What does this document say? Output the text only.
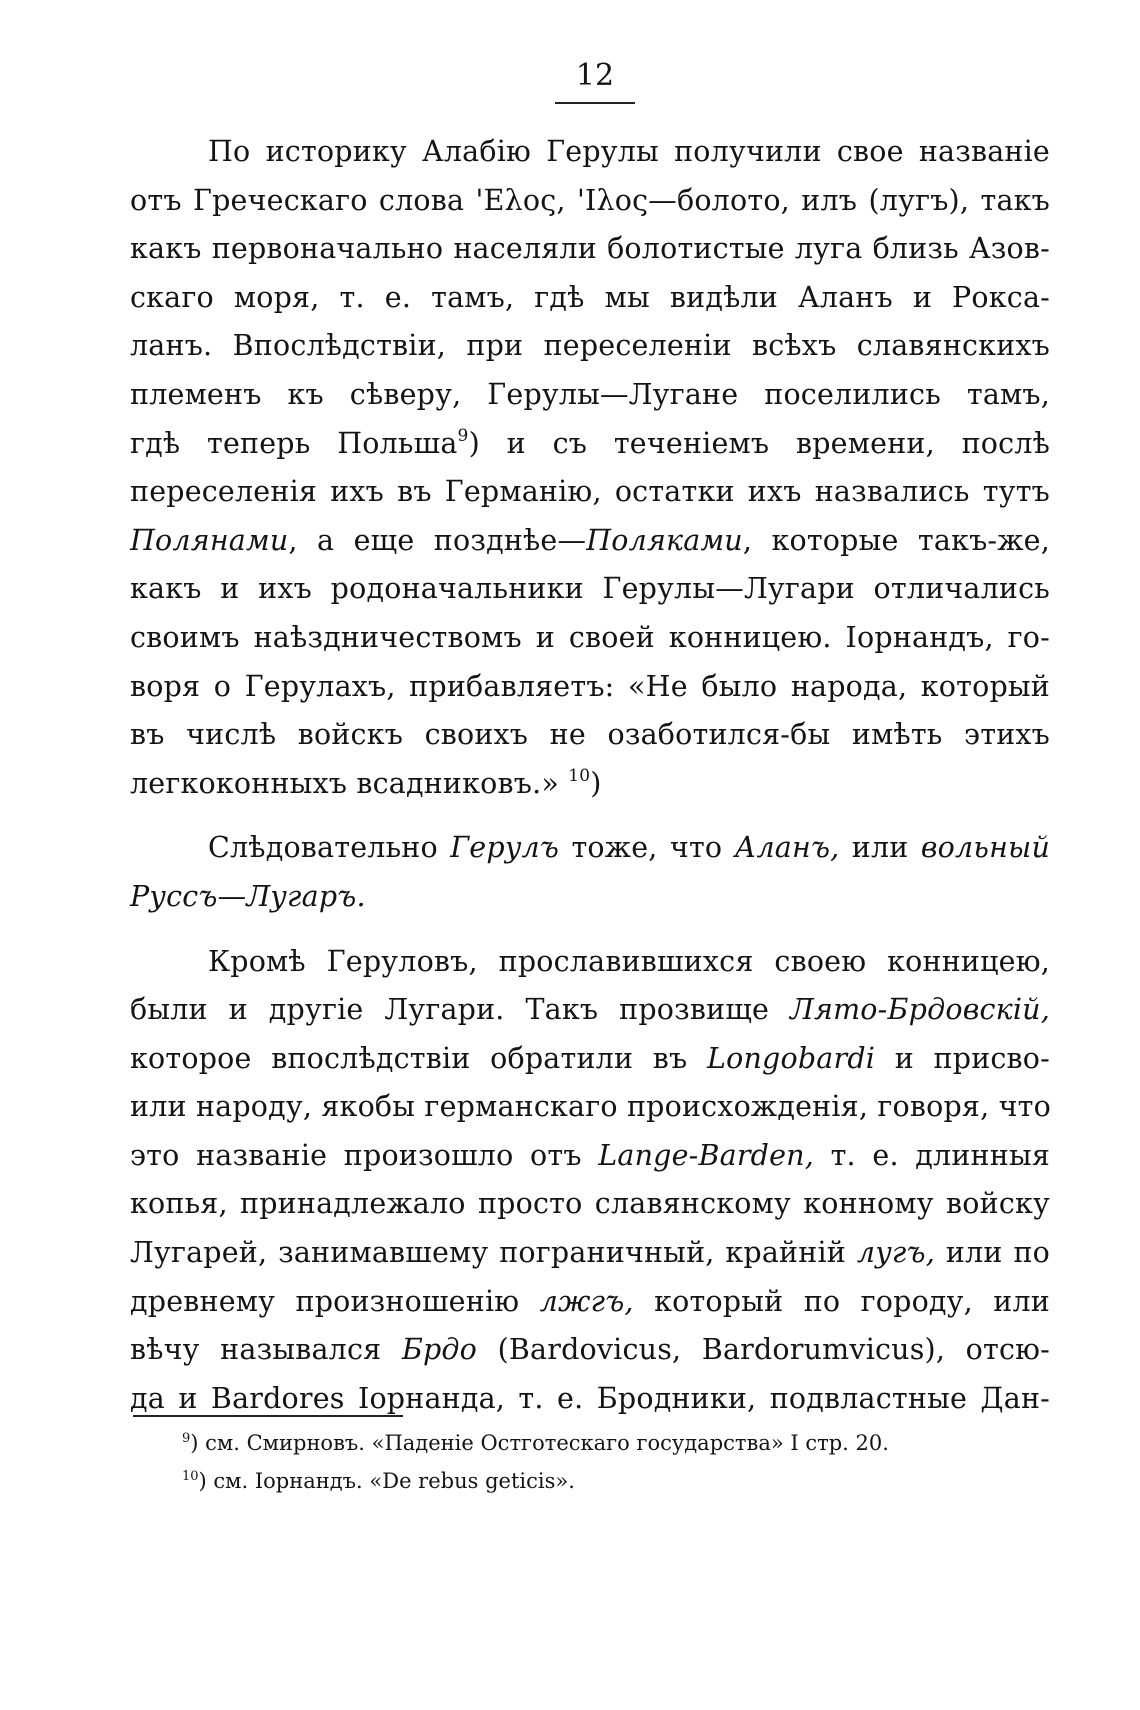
12
По историку Алабію Герулы получили свое названіе
отъ Греческаго слова 'Ελος, 'Ιλος—болото, илъ (лугъ), такъ
какъ первоначально населяли болотистые луга близь Азов-
скаго моря, т. е. тамъ, гдѣ мы видѣли Аланъ и Роксa-
ланъ. Впослѣдствіи, при переселеніи всѣхъ славянскихъ
племенъ къ сѣверу, Герулы—Лугане поселились тамъ,
гдѣ теперь Польша$^9$) и съ теченіемъ времени, послѣ
переселенія ихъ въ Германію, остатки ихъ назвались тутъ
Полянами, а еще позднѣе—Поляками, которые такъ-же,
какъ и ихъ родоначальники Герулы—Лугари отличались
своимъ наѣздничествомъ и своей конницею. Іорнандъ, го-
воря о Герулахъ, прибавляетъ: «Не было народа, который
въ числѣ войскъ своихъ не озаботился-бы имѣть этихъ
легкоконныхъ всадниковъ.» $^{10}$)
Слѣдовательно Герулъ тоже, что Аланъ, или вольный
Руссъ—Лугаръ.
Кромѣ Геруловъ, прославившихся своею конницею,
были и другіе Лугари. Такъ прозвище Лято-Брдовскій,
которое впослѣдствіи обратили въ Longobardi и присво-
или народу, якобы германскаго происхожденія, говоря, что
это названіе произошло отъ Lange-Barden, т. е. длинныя
копья, принадлежало просто славянскому конному войску
Лугарей, занимавшему пограничный, крайній лугъ, или по
древнему произношенію лжгъ, который по городу, или
вѣчу назывался Брдо (Bardovicus, Bardorumvicus), отсю-
да и Bardores Іорнанда, т. е. Бродники, подвластные Дан-
$^9$) см. Смирновъ. «Паденіе Остготескаго государства» I стр. 20.
$^{10}$) см. Іорнандъ. «De rebus geticis».
